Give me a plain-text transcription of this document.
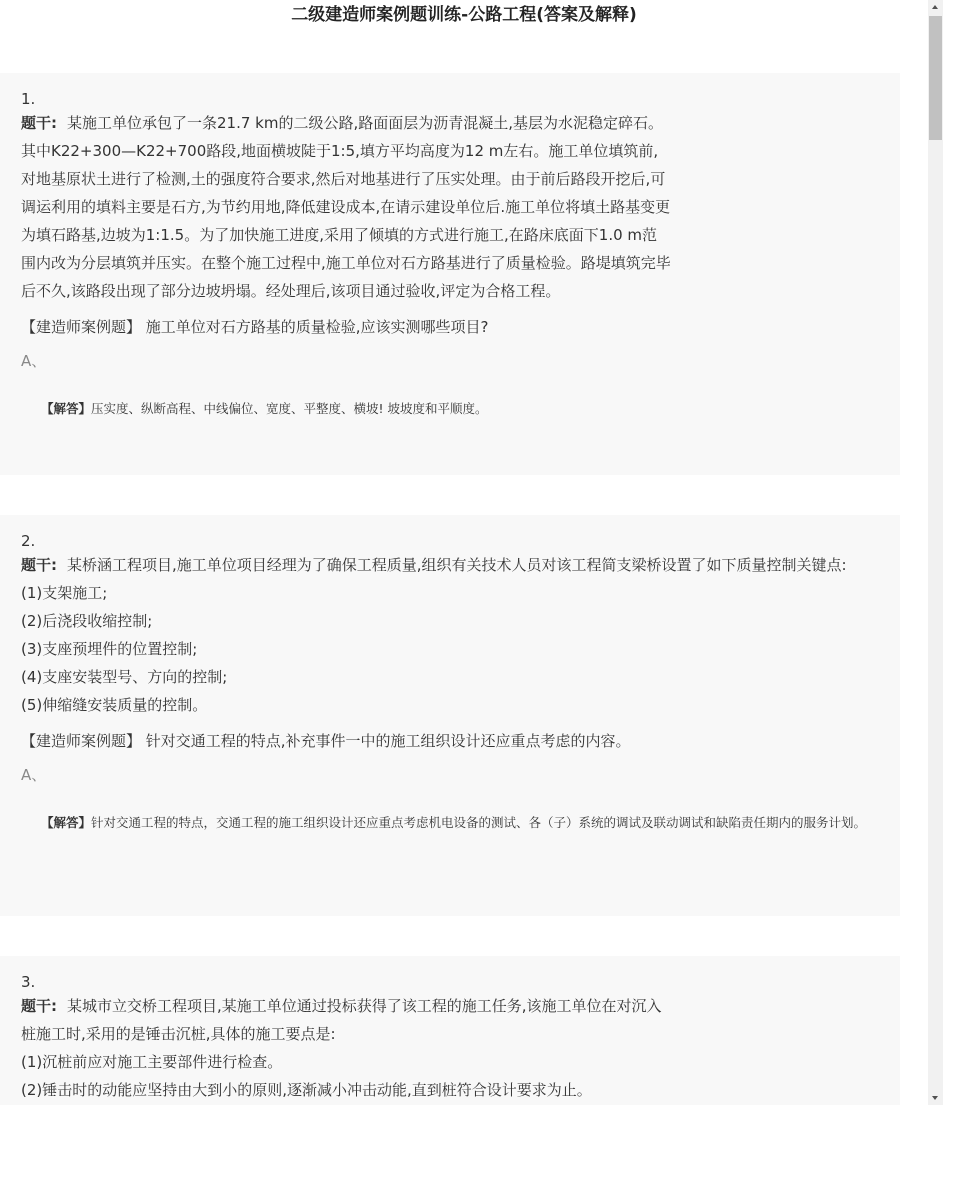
二级建造师案例题训练-公路工程(答案及解释)

1.

题干: 某施工单位承包了一条21.7 km的二级公路,路面面层为沥青混凝土,基层为水泥稳定碎石。其中K22+300—K22+700路段,地面横坡陡于1:5,填方平均高度为12 m左右。施工单位填筑前,对地基原状土进行了检测,土的强度符合要求,然后对地基进行了压实处理。由于前后路段开挖后,可调运利用的填料主要是石方,为节约用地,降低建设成本,在请示建设单位后.施工单位将填土路基变更为填石路基,边坡为1:1.5。为了加快施工进度,采用了倾填的方式进行施工,在路床底面下1.0 m范围内改为分层填筑并压实。在整个施工过程中,施工单位对石方路基进行了质量检验。路堤填筑完毕后不久,该路段出现了部分边坡坍塌。经处理后,该项目通过验收,评定为合格工程。

【建造师案例题】 施工单位对石方路基的质量检验,应该实测哪些项目?

A、

【解答】压实度、纵断高程、中线偏位、宽度、平整度、横坡! 坡坡度和平顺度。

2.

题干: 某桥涵工程项目,施工单位项目经理为了确保工程质量,组织有关技术人员对该工程简支梁桥设置了如下质量控制关键点:

(1)支架施工;

(2)后浇段收缩控制;

(3)支座预埋件的位置控制;

(4)支座安装型号、方向的控制;

(5)伸缩缝安装质量的控制。

【建造师案例题】 针对交通工程的特点,补充事件一中的施工组织设计还应重点考虑的内容。

A、

【解答】针对交通工程的特点，交通工程的施工组织设计还应重点考虑机电设备的测试、各（子）系统的调试及联动调试和缺陷责任期内的服务计划。

3.

题干: 某城市立交桥工程项目,某施工单位通过投标获得了该工程的施工任务,该施工单位在对沉入桩施工时,采用的是锤击沉桩,具体的施工要点是:

(1)沉桩前应对施工主要部件进行检查。

(2)锤击时的动能应坚持由大到小的原则,逐渐减小冲击动能,直到桩符合设计要求为止。
